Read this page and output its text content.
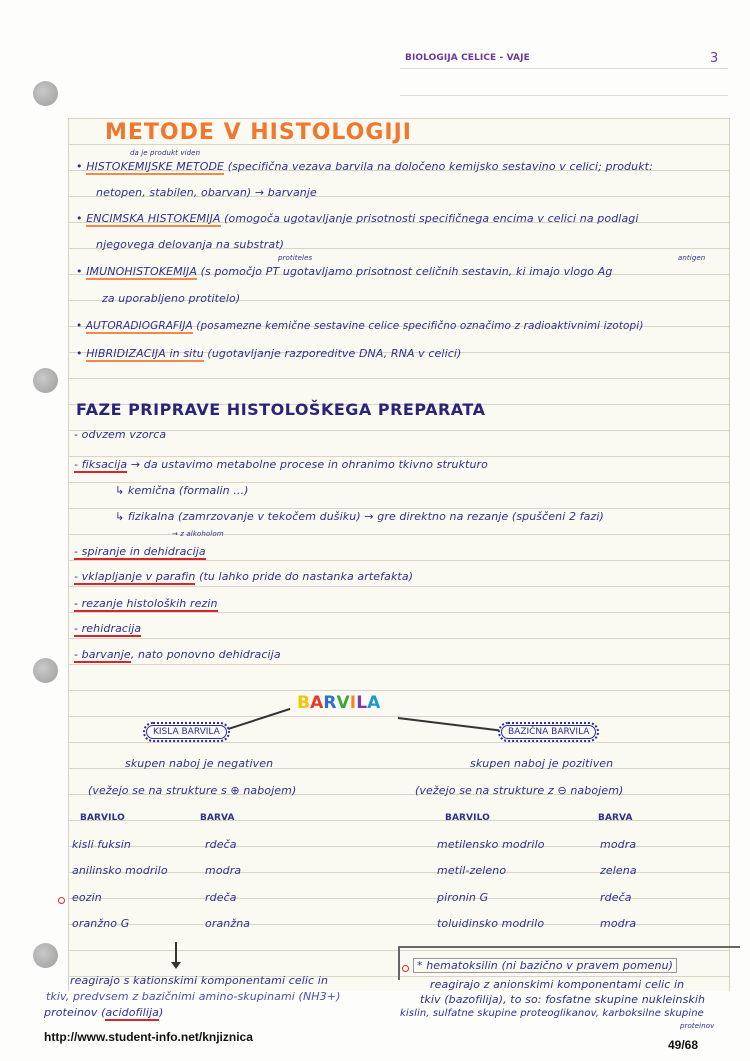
BIOLOGIJA CELICE - VAJE	3
METODE V HISTOLOGIJI
da je produkt viden
• HISTOKEMIJSKE METODE (specifična vezava barvila na določeno kemijsko sestavino v celici; produkt:
netopen, stabilen, obarvan) → barvanje
• ENCIMSKA HISTOKEMIJA (omogoča ugotavljanje prisotnosti specifičnega encima v celici na podlagi
njegovega delovanja na substrat)
protiteles	antigen
• IMUNOHISTOKEMIJA (s pomočjo PT ugotavljamo prisotnost celičnih sestavin, ki imajo vlogo Ag
za uporabljeno protitelo)
• AUTORADIOGRAFIJA (posamezne kemične sestavine celice specifično označimo z radioaktivnimi izotopi)
• HIBRIDIZACIJA in situ (ugotavljanje razporeditve DNA, RNA v celici)
FAZE PRIPRAVE HISTOLOŠKEGA PREPARATA
- odvzem vzorca
- fiksacija → da ustavimo metabolne procese in ohranimo tkivno strukturo
↳ kemična (formalin ...)
↳ fizikalna (zamrzovanje v tekočem dušiku) → gre direktno na rezanje (spuščeni 2 fazi)
→ z alkoholom
- spiranje in dehidracija
- vklapljanje v parafin (tu lahko pride do nastanka artefakta)
- rezanje histoloških rezin
- rehidracija
- barvanje, nato ponovno dehidracija
BARVILA
KISLA BARVILA	BAZIČNA BARVILA
skupen naboj je negativen	skupen naboj je pozitiven
(vežejo se na strukture s ⊕ nabojem)	(vežejo se na strukture z ⊖ nabojem)
BARVILO	BARVA	BARVILO	BARVA
kisli fuksin	rdeča
anilinsko modrilo	modra
eozin	rdeča
oranžno G	oranžna
metilensko modrilo	modra
metil-zeleno	zelena
pironin G	rdeča
toluidinsko modrilo	modra
reagirajo s kationskimi komponentami celic in
tkiv, predvsem z bazičnimi amino-skupinami (NH3+)
proteinov (acidofilija)
* hematoksilin (ni bazično v pravem pomenu)
reagirajo z anionskimi komponentami celic in
tkiv (bazofilija), to so: fosfatne skupine nukleinskih
kislin, sulfatne skupine proteoglikanov, karboksilne skupine
proteinov
http://www.student-info.net/knjiznica
49/68
